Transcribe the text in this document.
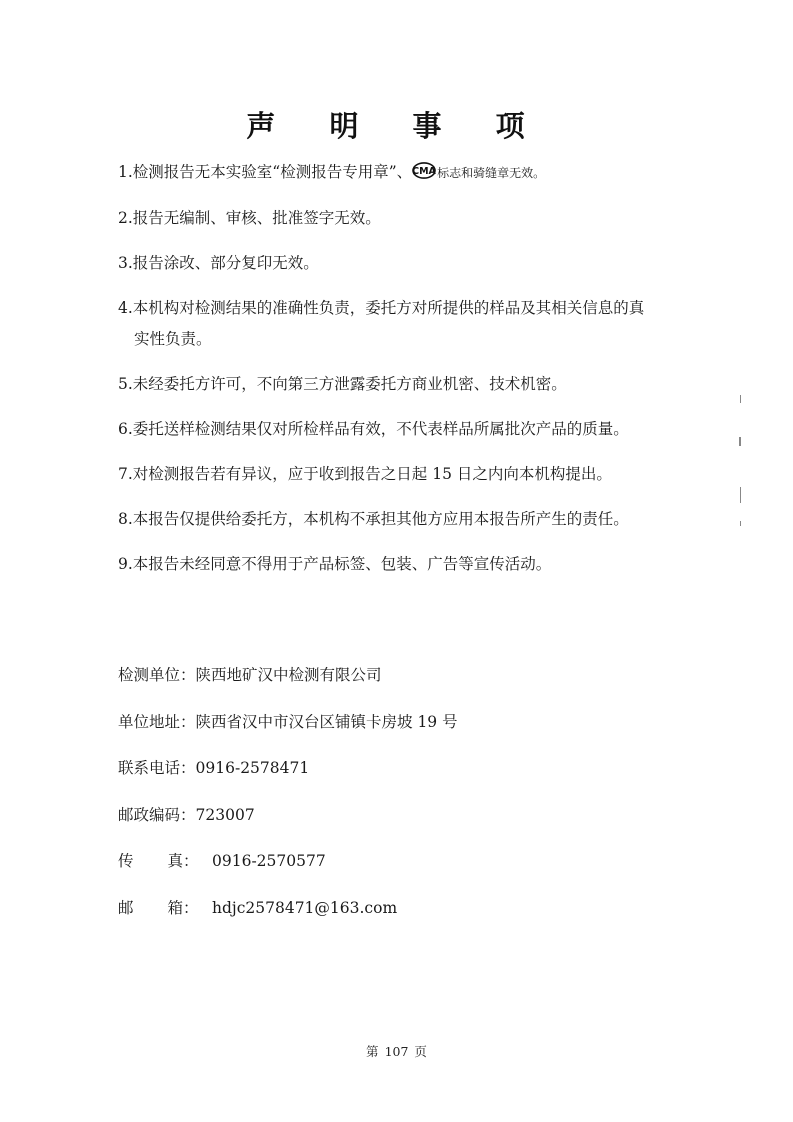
声 明 事 项

1.检测报告无本实验室“检测报告专用章”、 CMA 标志和骑缝章无效。

2.报告无编制、审核、批准签字无效。

3.报告涂改、部分复印无效。

4.本机构对检测结果的准确性负责，委托方对所提供的样品及其相关信息的真
实性负责。

5.未经委托方许可，不向第三方泄露委托方商业机密、技术机密。

6.委托送样检测结果仅对所检样品有效，不代表样品所属批次产品的质量。

7.对检测报告若有异议，应于收到报告之日起 15 日之内向本机构提出。

8.本报告仅提供给委托方，本机构不承担其他方应用本报告所产生的责任。

9.本报告未经同意不得用于产品标签、包装、广告等宣传活动。

检测单位：陕西地矿汉中检测有限公司
单位地址：陕西省汉中市汉台区铺镇卡房坡 19 号
联系电话：0916-2578471
邮政编码：723007
传 真： 0916-2570577
邮 箱： hdjc2578471@163.com
第 107 页
